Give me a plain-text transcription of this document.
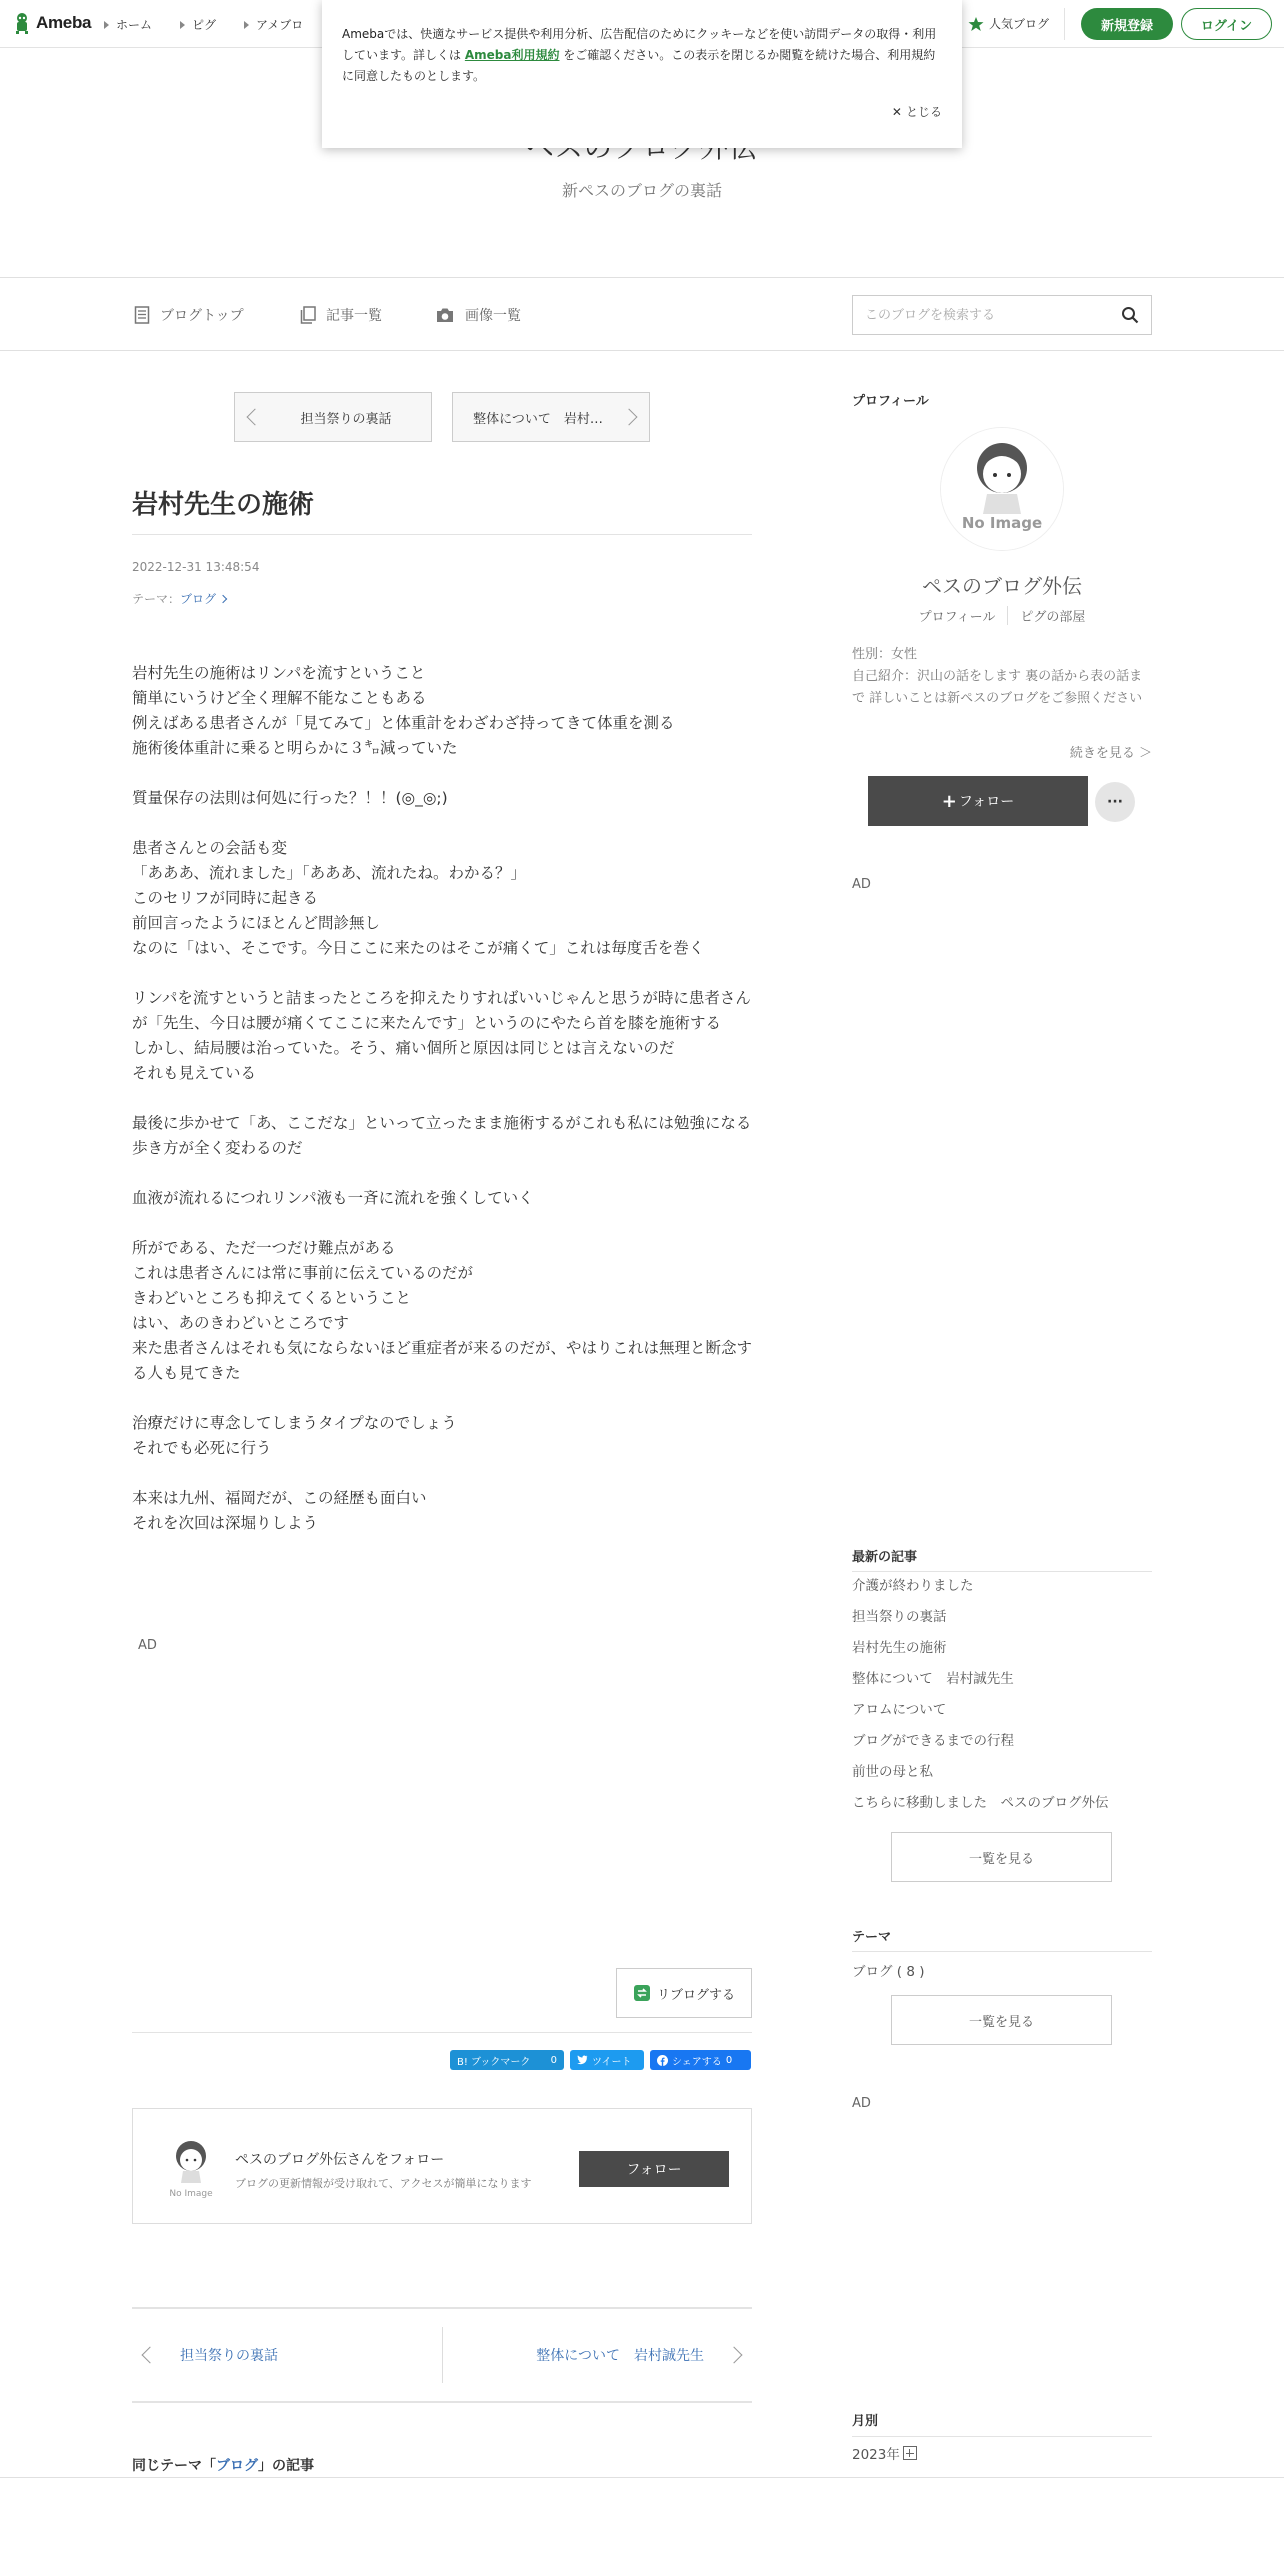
Ameba ホーム	ピグ	アメブロ	人気ブログ	新規登録	ログイン
新ペスのブログの裏話
Amebaでは、快適なサービス提供や利用分析、広告配信のためにクッキーなどを使い訪問データの取得・利用しています。詳しくは Ameba利用規約 をご確認ください。この表示を閉じるか閲覧を続けた場合、利用規約に同意したものとします。
✕ とじる
ブログトップ	記事一覧	画像一覧
このブログを検索する
担当祭りの裏話	整体について　岩村…
岩村先生の施術
2022-12-31 13:48:54
テーマ： ブログ
岩村先生の施術はリンパを流すということ
簡単にいうけど全く理解不能なこともある
例えばある患者さんが「見てみて」と体重計をわざわざ持ってきて体重を測る
施術後体重計に乗ると明らかに３㌔減っていた
質量保存の法則は何処に行った？！！(◎_◎;)
患者さんとの会話も変
「あああ、流れました」「あああ、流れたね。わかる？」
このセリフが同時に起きる
前回言ったようにほとんど問診無し
なのに「はい、そこです。今日ここに来たのはそこが痛くて」これは毎度舌を巻く
リンパを流すというと詰まったところを抑えたりすればいいじゃんと思うが時に患者さんが「先生、今日は腰が痛くてここに来たんです」というのにやたら首を膝を施術する
しかし、結局腰は治っていた。そう、痛い個所と原因は同じとは言えないのだ
それも見えている
最後に歩かせて「あ、ここだな」といって立ったまま施術するがこれも私には勉強になる
歩き方が全く変わるのだ
血液が流れるにつれリンパ液も一斉に流れを強くしていく
所がである、ただ一つだけ難点がある
これは患者さんには常に事前に伝えているのだが
きわどいところも抑えてくるということ
はい、あのきわどいところです
来た患者さんはそれも気にならないほど重症者が来るのだが、やはりこれは無理と断念する人も見てきた
治療だけに専念してしまうタイプなのでしょう
それでも必死に行う
本来は九州、福岡だが、この経歴も面白い
それを次回は深堀りしよう
AD
リブログする
B! ブックマーク 0	ツイート	シェアする 0
No Image
ペスのブログ外伝さんをフォロー
ブログの更新情報が受け取れて、アクセスが簡単になります
フォロー
担当祭りの裏話	整体について　岩村誠先生
同じテーマ「ブログ」の記事
プロフィール
No Image
ペスのブログ外伝
プロフィール	ピグの部屋
性別：女性
自己紹介：沢山の話をします 裏の話から表の話まで 詳しいことは新ペスのブログをご参照ください
続きを見る ＞
+ フォロー	···
AD
最新の記事
介護が終わりました
担当祭りの裏話
岩村先生の施術
整体について　岩村誠先生
アロムについて
ブログができるまでの行程
前世の母と私
こちらに移動しました　ペスのブログ外伝
一覧を見る
テーマ
ブログ ( 8 )
一覧を見る
AD
月別
2023年
